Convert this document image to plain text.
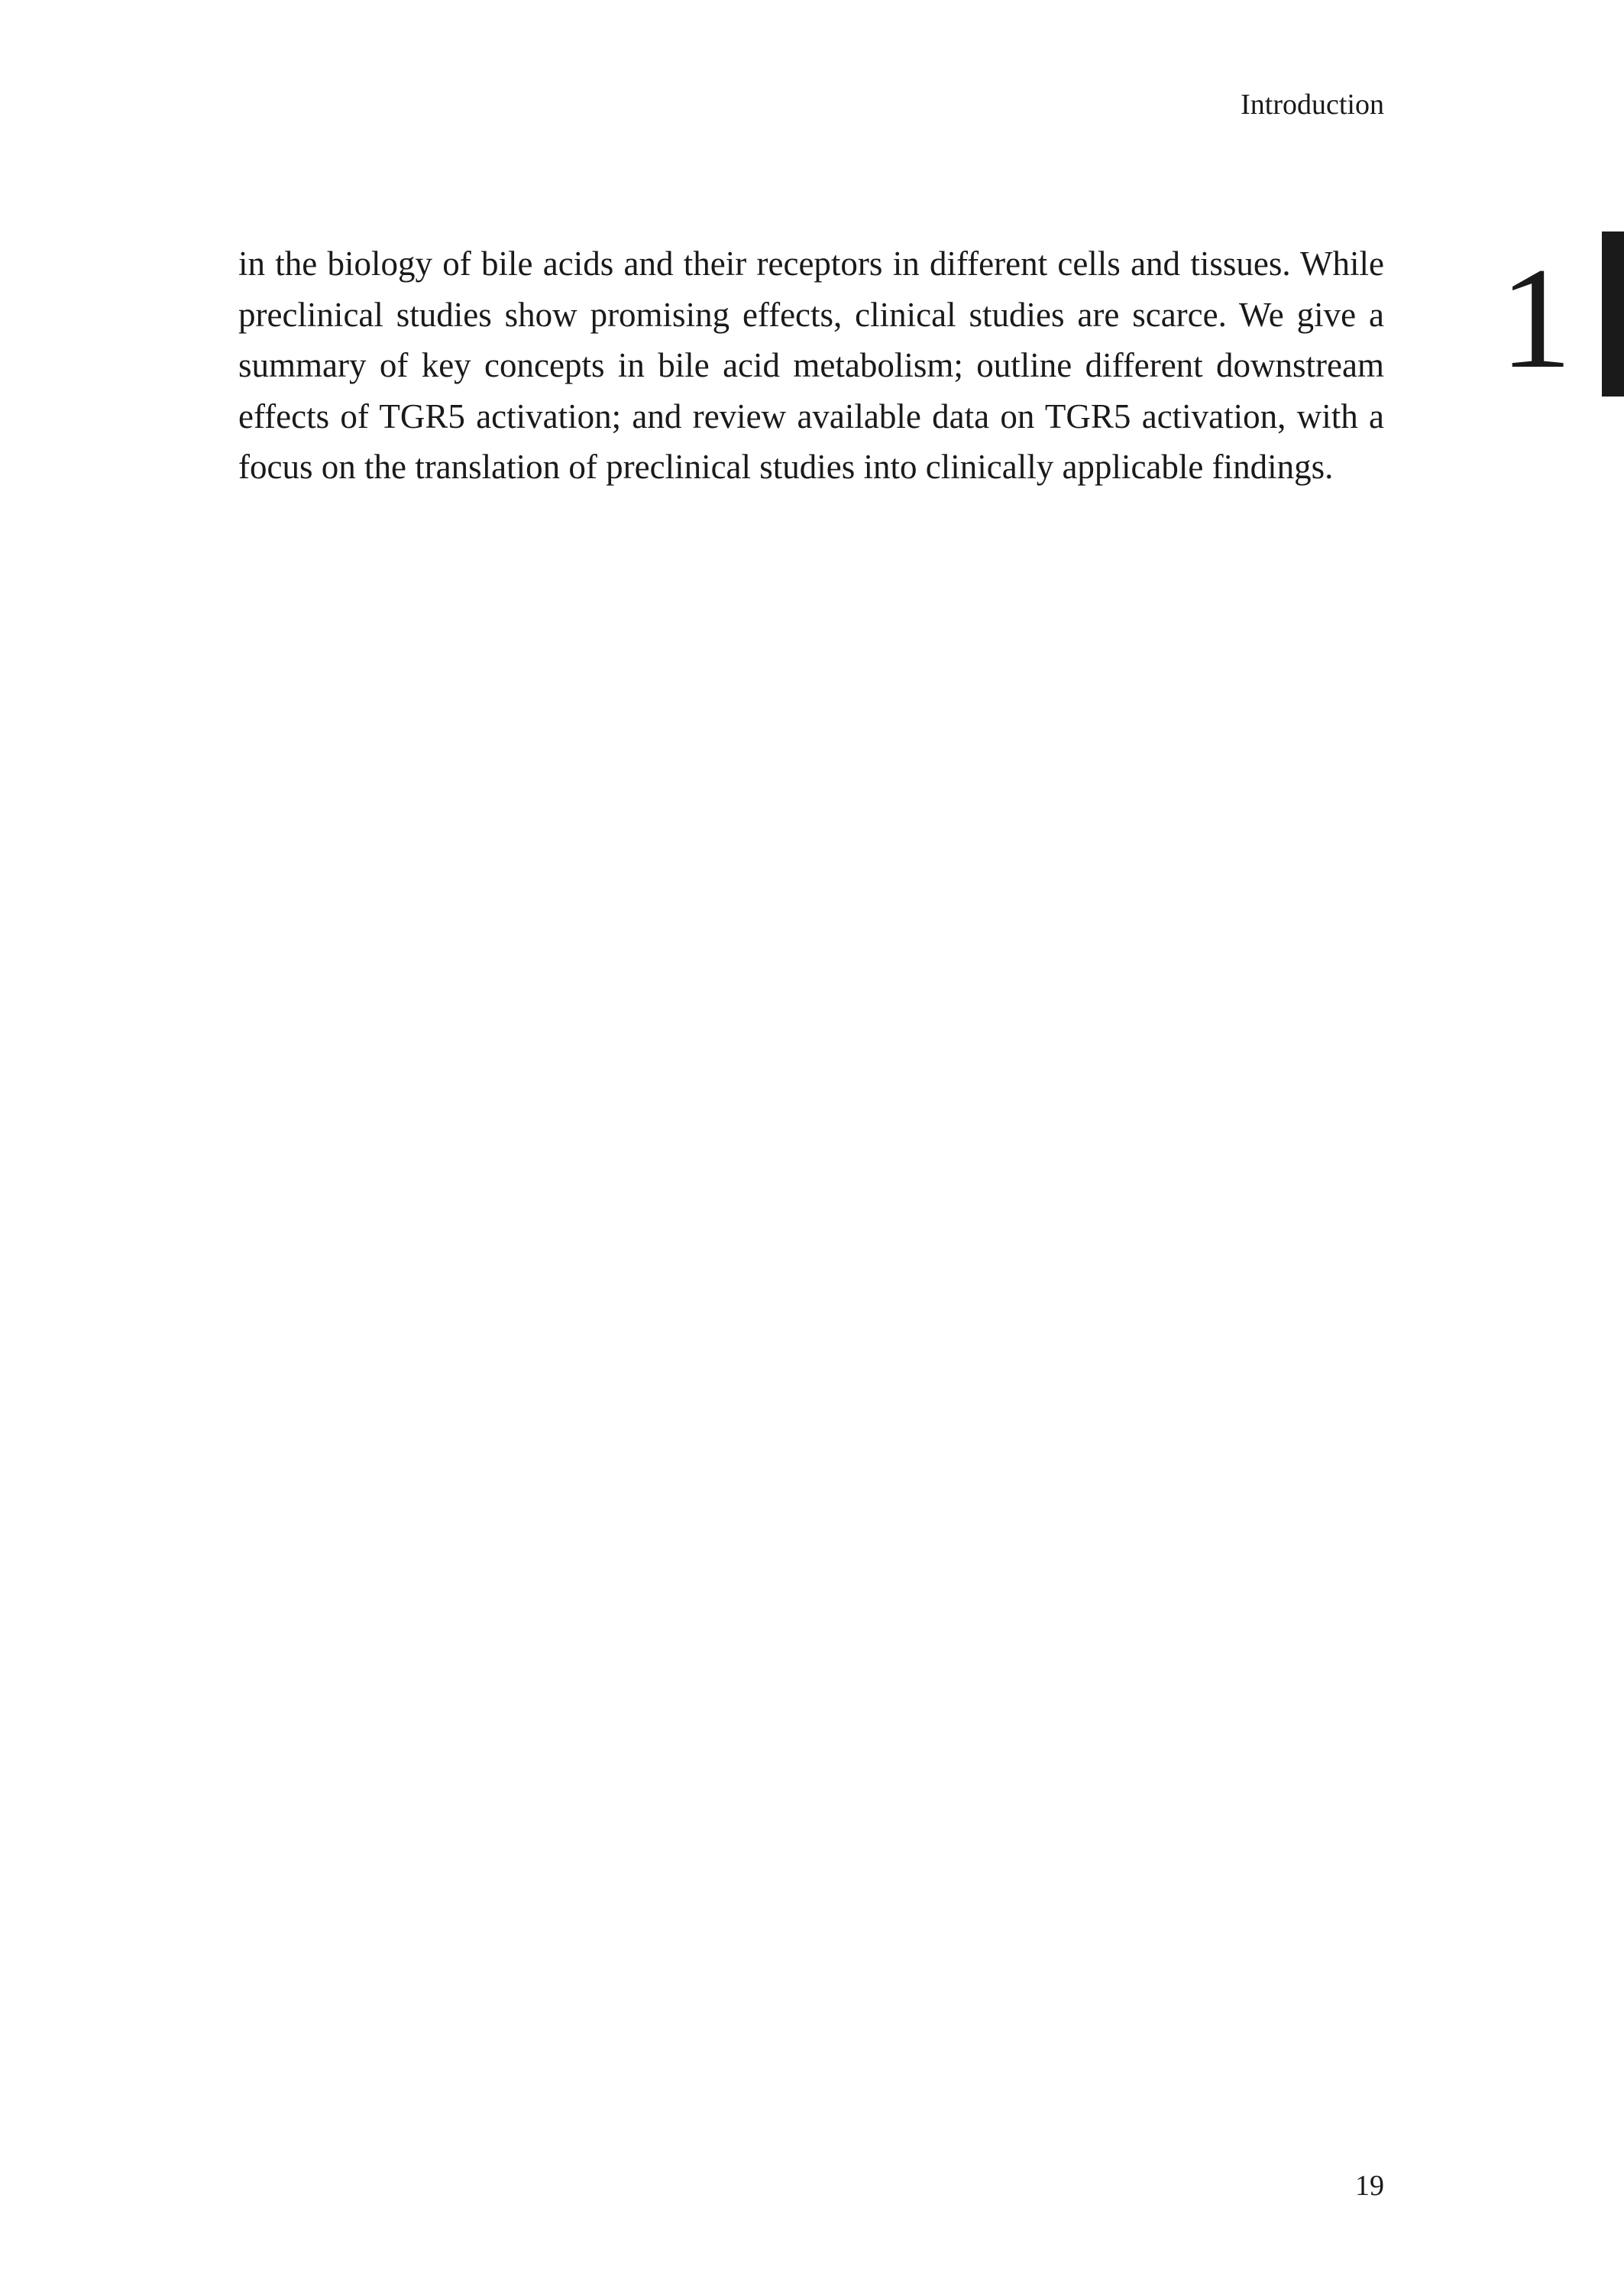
Introduction

in the biology of bile acids and their receptors in different cells and tissues. While
preclinical studies show promising effects, clinical studies are scarce. We give a
summary of key concepts in bile acid metabolism; outline different downstream
effects of TGR5 activation; and review available data on TGR5 activation, with a
focus on the translation of preclinical studies into clinically applicable findings.

1
19
